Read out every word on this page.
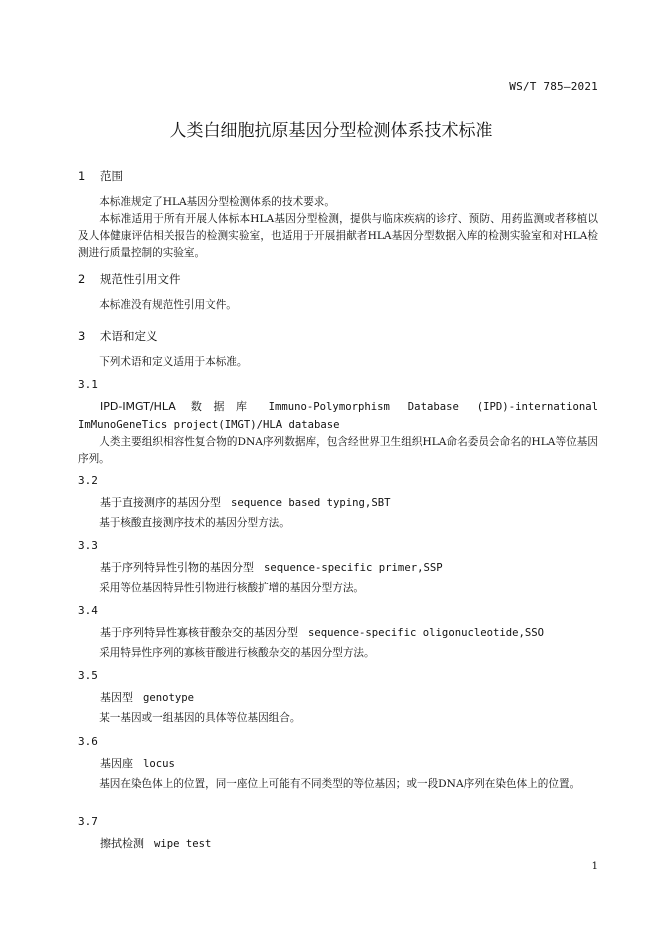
WS/T 785—2021
人类白细胞抗原基因分型检测体系技术标准
1 范围

本标准规定了HLA基因分型检测体系的技术要求。

本标准适用于所有开展人体标本HLA基因分型检测，提供与临床疾病的诊疗、预防、用药监测或者移植以及人体健康评估相关报告的检测实验室，也适用于开展捐献者HLA基因分型数据入库的检测实验室和对HLA检测进行质量控制的实验室。

2 规范性引用文件

本标准没有规范性引用文件。

3 术语和定义

下列术语和定义适用于本标准。

3.1
IPD-IMGT/HLA 数据库 Immuno-Polymorphism Database (IPD)-international ImMunoGeneTics project(IMGT)/HLA database
人类主要组织相容性复合物的DNA序列数据库，包含经世界卫生组织HLA命名委员会命名的HLA等位基因序列。
3.2
基于直接测序的基因分型 sequence based typing,SBT
基于核酸直接测序技术的基因分型方法。
3.3
基于序列特异性引物的基因分型 sequence-specific primer,SSP
采用等位基因特异性引物进行核酸扩增的基因分型方法。
3.4
基于序列特异性寡核苷酸杂交的基因分型 sequence-specific oligonucleotide,SSO
采用特异性序列的寡核苷酸进行核酸杂交的基因分型方法。
3.5
基因型 genotype
某一基因或一组基因的具体等位基因组合。
3.6
基因座 locus
基因在染色体上的位置，同一座位上可能有不同类型的等位基因；或一段DNA序列在染色体上的位置。
3.7
擦拭检测 wipe test
1
